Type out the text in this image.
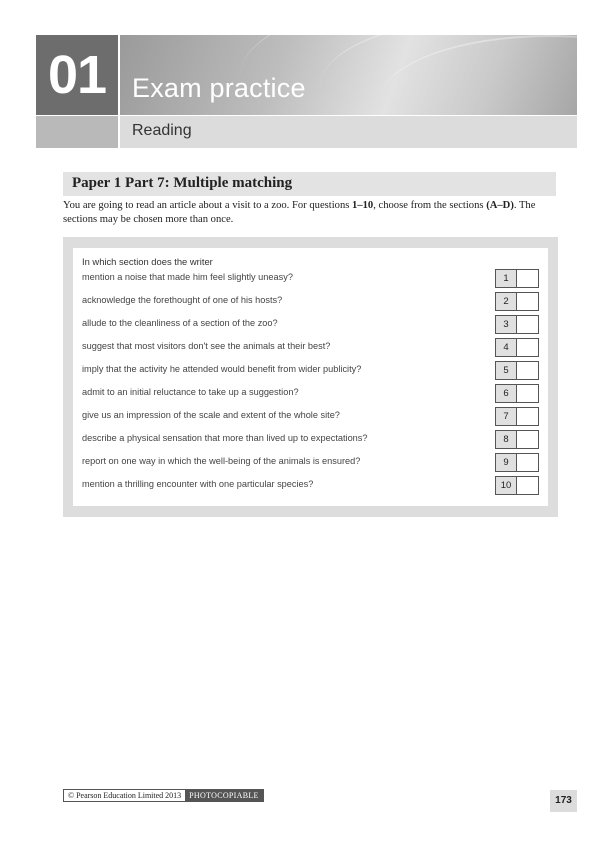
01 Exam practice
Reading
Paper 1 Part 7: Multiple matching
You are going to read an article about a visit to a zoo. For questions 1–10, choose from the sections (A–D). The sections may be chosen more than once.
In which section does the writer
mention a noise that made him feel slightly uneasy?	1
acknowledge the forethought of one of his hosts?	2
allude to the cleanliness of a section of the zoo?	3
suggest that most visitors don't see the animals at their best?	4
imply that the activity he attended would benefit from wider publicity?	5
admit to an initial reluctance to take up a suggestion?	6
give us an impression of the scale and extent of the whole site?	7
describe a physical sensation that more than lived up to expectations?	8
report on one way in which the well-being of the animals is ensured?	9
mention a thrilling encounter with one particular species?	10
© Pearson Education Limited 2013	PHOTOCOPIABLE	173
